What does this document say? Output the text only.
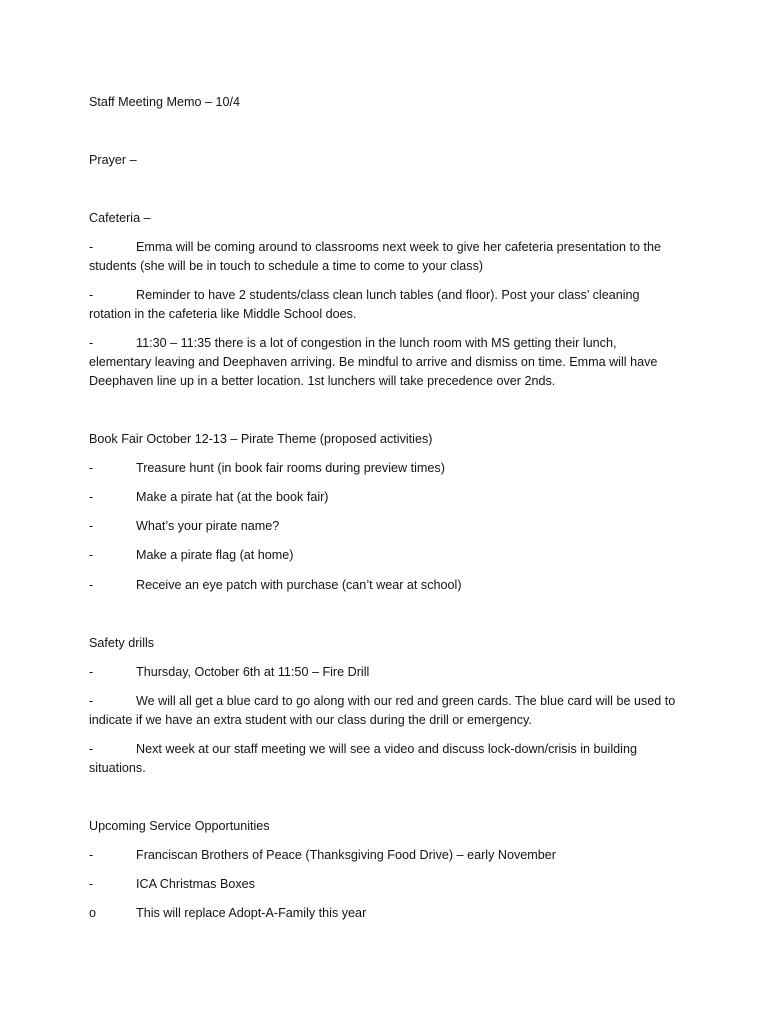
Staff Meeting Memo – 10/4
Prayer –
Cafeteria –
-	Emma will be coming around to classrooms next week to give her cafeteria presentation to the students (she will be in touch to schedule a time to come to your class)
-	Reminder to have 2 students/class clean lunch tables (and floor). Post your class’ cleaning rotation in the cafeteria like Middle School does.
-	11:30 – 11:35 there is a lot of congestion in the lunch room with MS getting their lunch, elementary leaving and Deephaven arriving. Be mindful to arrive and dismiss on time. Emma will have Deephaven line up in a better location. 1st lunchers will take precedence over 2nds.
Book Fair October 12-13 – Pirate Theme (proposed activities)
-	Treasure hunt (in book fair rooms during preview times)
-	Make a pirate hat (at the book fair)
-	What’s your pirate name?
-	Make a pirate flag (at home)
-	Receive an eye patch with purchase (can’t wear at school)
Safety drills
-	Thursday, October 6th at 11:50 – Fire Drill
-	We will all get a blue card to go along with our red and green cards. The blue card will be used to indicate if we have an extra student with our class during the drill or emergency.
-	Next week at our staff meeting we will see a video and discuss lock-down/crisis in building situations.
Upcoming Service Opportunities
-	Franciscan Brothers of Peace (Thanksgiving Food Drive) – early November
-	ICA Christmas Boxes
o	This will replace Adopt-A-Family this year
